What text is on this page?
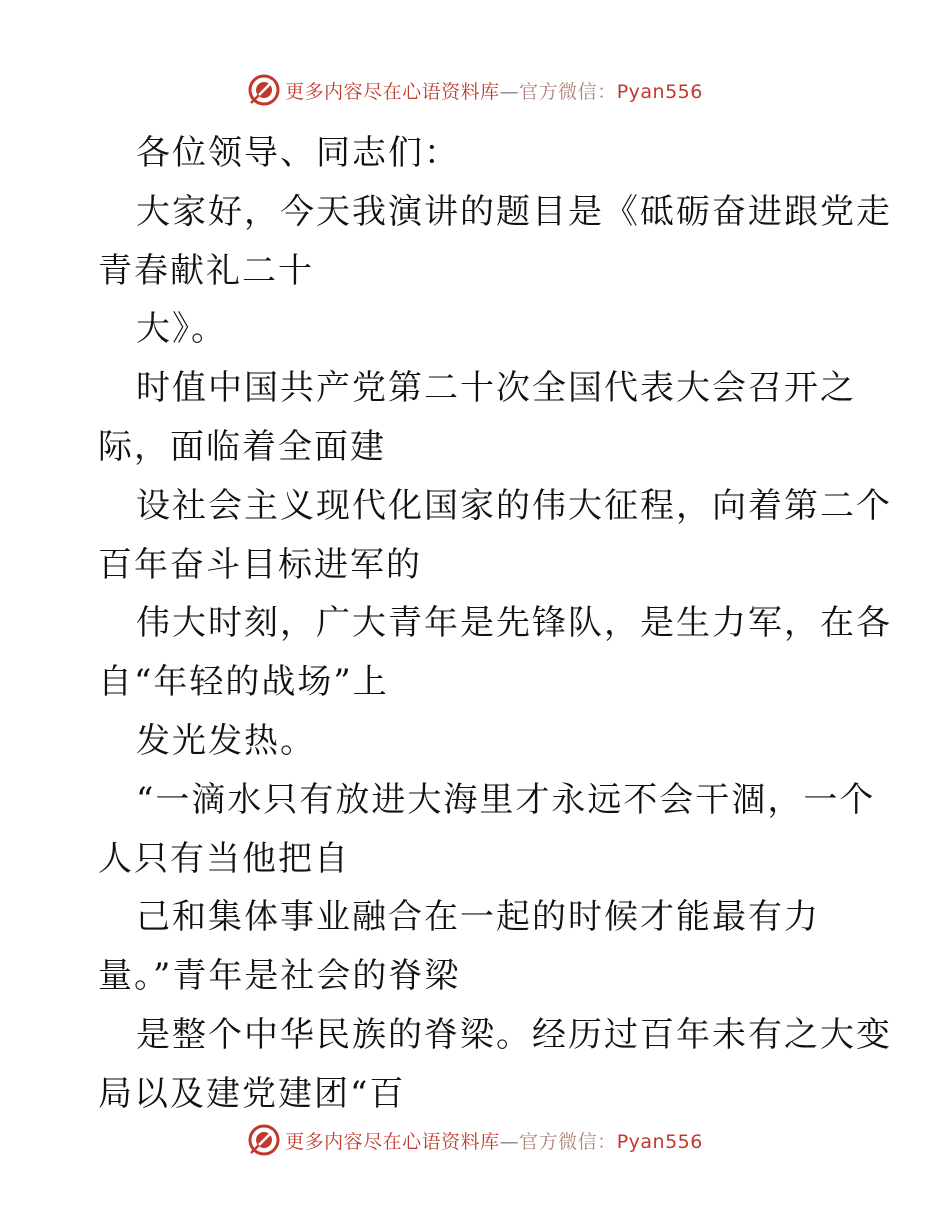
更多内容尽在心语资料库—官方微信：Pyan556
各位领导、同志们：
大家好，今天我演讲的题目是《砥砺奋进跟党走
青春献礼二十
大》。
时值中国共产党第二十次全国代表大会召开之
际，面临着全面建
设社会主义现代化国家的伟大征程，向着第二个
百年奋斗目标进军的
伟大时刻，广大青年是先锋队，是生力军，在各
自“年轻的战场”上
发光发热。
“一滴水只有放进大海里才永远不会干涸，一个
人只有当他把自
己和集体事业融合在一起的时候才能最有力
量。”青年是社会的脊梁
是整个中华民族的脊梁。经历过百年未有之大变
局以及建党建团“百
更多内容尽在心语资料库—官方微信：Pyan556
